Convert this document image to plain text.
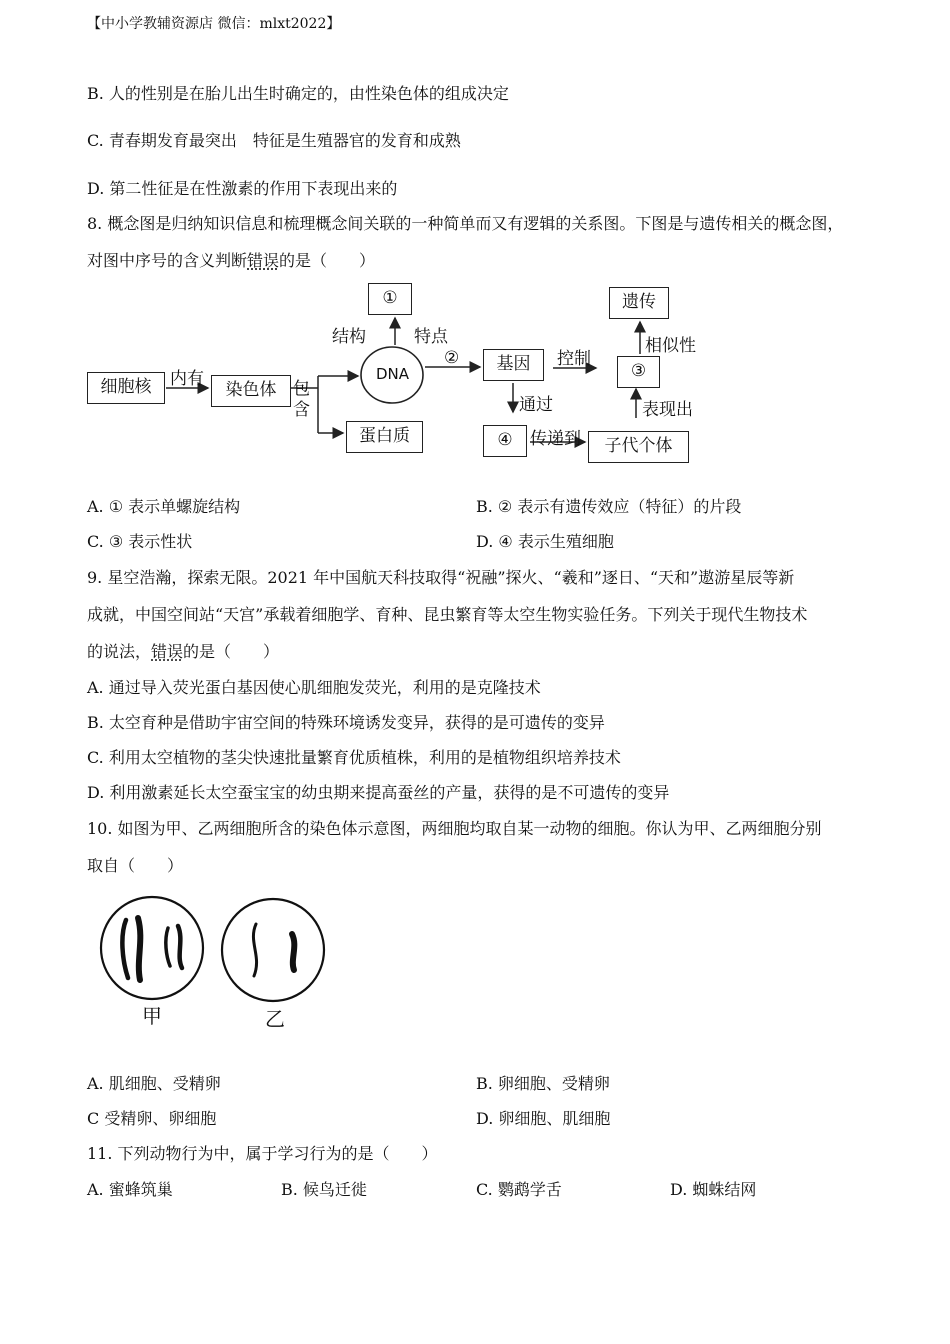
【中小学教辅资源店 微信：mlxt2022】
B. 人的性别是在胎儿出生时确定的，由性染色体的组成决定
C. 青春期发育最突出　特征是生殖器官的发育和成熟
D. 第二性征是在性激素的作用下表现出来的
8. 概念图是归纳知识信息和梳理概念间关联的一种简单而又有逻辑的关系图。下图是与遗传相关的概念图，
对图中序号的含义判断错误的是（　　）
细胞核	内有
染色体 包
含
DNA
结构	特点
①
②	基因	控制
遗传
相似性
③
表现出
通过
④	传递到	子代个体
蛋白质
A. ① 表示单螺旋结构	B. ② 表示有遗传效应（特征）的片段
C. ③ 表示性状	D. ④ 表示生殖细胞
9. 星空浩瀚，探索无限。2021 年中国航天科技取得“祝融”探火、“羲和”逐日、“天和”遨游星辰等新
成就，中国空间站“天宫”承载着细胞学、育种、昆虫繁育等太空生物实验任务。下列关于现代生物技术
的说法，错误的是（　　）
A. 通过导入荧光蛋白基因使心肌细胞发荧光，利用的是克隆技术
B. 太空育种是借助宇宙空间的特殊环境诱发变异，获得的是可遗传的变异
C. 利用太空植物的茎尖快速批量繁育优质植株，利用的是植物组织培养技术
D. 利用激素延长太空蚕宝宝的幼虫期来提高蚕丝的产量，获得的是不可遗传的变异
10. 如图为甲、乙两细胞所含的染色体示意图，两细胞均取自某一动物的细胞。你认为甲、乙两细胞分别
取自（　　）
甲	乙
A. 肌细胞、受精卵	B. 卵细胞、受精卵
C 受精卵、卵细胞	D. 卵细胞、肌细胞
11. 下列动物行为中，属于学习行为的是（　　）
A. 蜜蜂筑巢	B. 候鸟迁徙	C. 鹦鹉学舌	D. 蜘蛛结网
